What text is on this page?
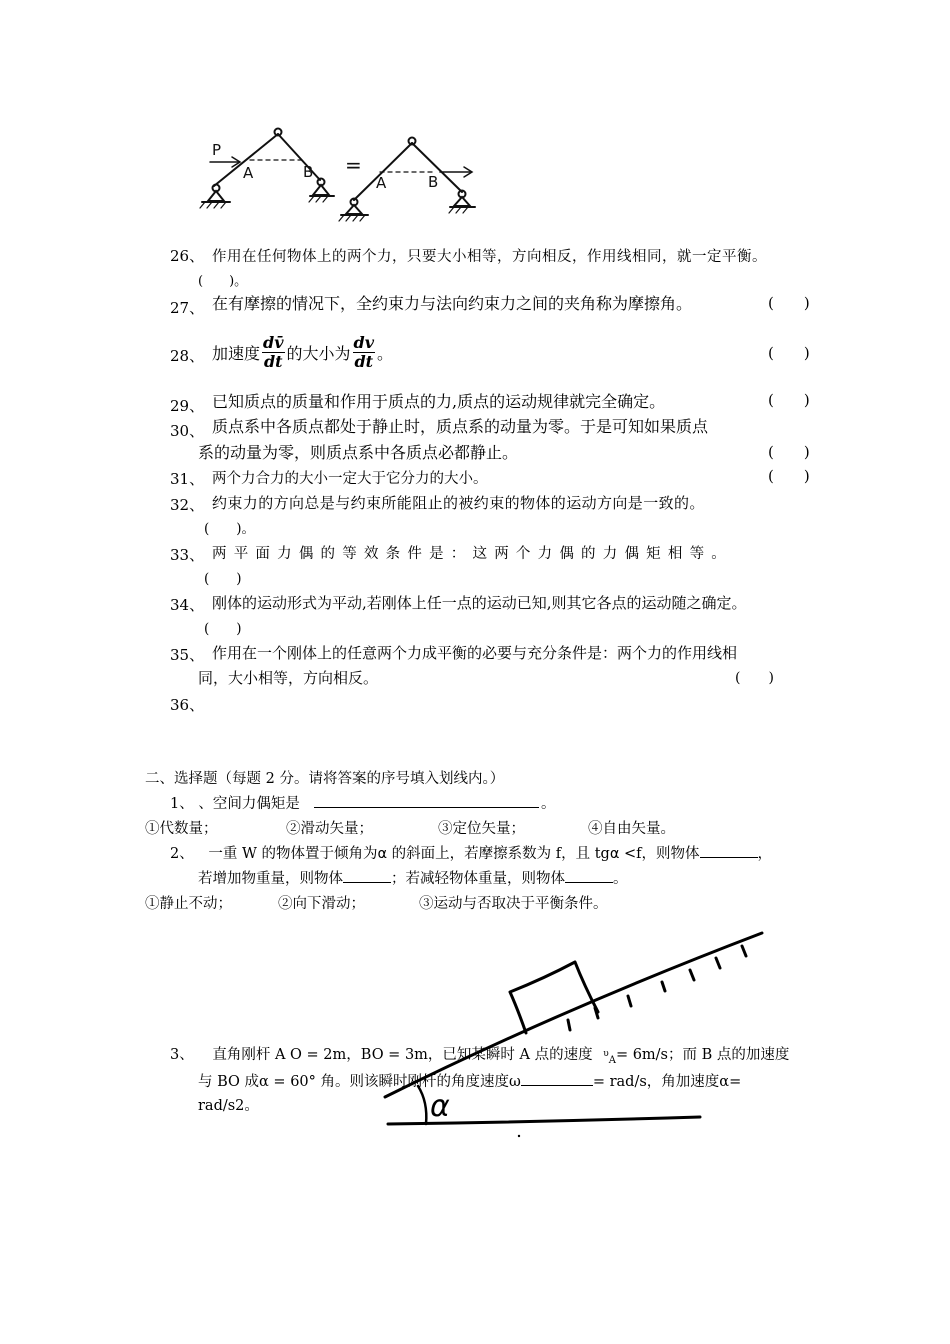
P
A	B =
A	B
26、 作用在任何物体上的两个力，只要大小相等，方向相反，作用线相同，就一定平衡。
(　　)。
27、 在有摩擦的情况下，全约束力与法向约束力之间的夹角称为摩擦角。	(　　)
28、 加速度 $\frac{dv̄}{dt}$ 的大小为 $\frac{dv}{dt}$ 。	(　　)
29、 已知质点的质量和作用于质点的力,质点的运动规律就完全确定。	(　　)
30、 质点系中各质点都处于静止时，质点系的动量为零。于是可知如果质点
系的动量为零，则质点系中各质点必都静止。	(　　)
31、 两个力合力的大小一定大于它分力的大小。	(　　)
32、 约束力的方向总是与约束所能阻止的被约束的物体的运动方向是一致的。
(　　)。
33、 两 平 面 力 偶 的 等 效 条 件 是 ： 这 两 个 力 偶 的 力 偶 矩 相 等 。
(　　)
34、 刚体的运动形式为平动,若刚体上任一点的运动已知,则其它各点的运动随之确定。
(　　)
35、 作用在一个刚体上的任意两个力成平衡的必要与充分条件是：两个力的作用线相
同，大小相等，方向相反。	(　　)
36、
二、选择题（每题 2 分。请将答案的序号填入划线内。）
1、 、空间力偶矩是	。
①代数量；	②滑动矢量；	③定位矢量；	④自由矢量。
2、 一重 W 的物体置于倾角为α 的斜面上，若摩擦系数为 f，且 tgα <f，则物体	，
若增加物重量，则物体	；若减轻物体重量，则物体	。
①静止不动；	②向下滑动；	③运动与否取决于平衡条件。
α
3、 直角刚杆 A O = 2m，BO = 3m，已知某瞬时 A 点的速度 $^\upsilon_A$= 6m/s；而 B 点的加速度
与 BO 成α = 60° 角。则该瞬时刚杆的角度速度ω	= rad/s，角加速度α=
rad/s2。
